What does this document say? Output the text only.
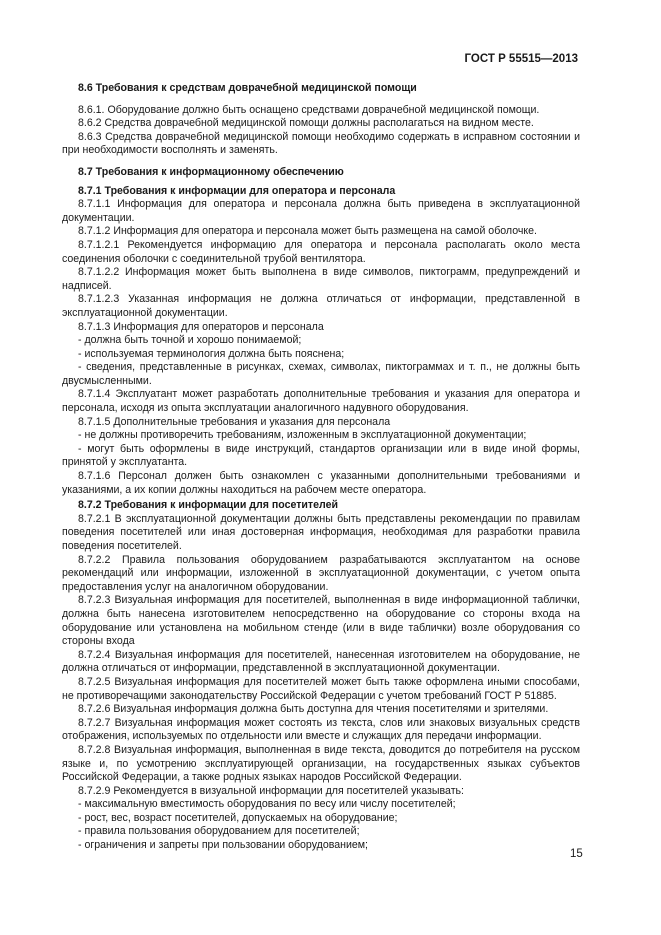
ГОСТ Р 55515—2013

8.6 Требования к средствам доврачебной медицинской помощи

8.6.1. Оборудование должно быть оснащено средствами доврачебной медицинской помощи.

8.6.2 Средства доврачебной медицинской помощи должны располагаться на видном месте.

8.6.3 Средства доврачебной медицинской помощи необходимо содержать в исправном состоянии и при необходимости восполнять и заменять.

8.7 Требования к информационному обеспечению

8.7.1 Требования к информации для оператора и персонала

8.7.1.1 Информация для оператора и персонала должна быть приведена в эксплуатационной документации.

8.7.1.2 Информация для оператора и персонала может быть размещена на самой оболочке.

8.7.1.2.1 Рекомендуется информацию для оператора и персонала располагать около места соединения оболочки с соединительной трубой вентилятора.

8.7.1.2.2 Информация может быть выполнена в виде символов, пиктограмм, предупреждений и надписей.

8.7.1.2.3 Указанная информация не должна отличаться от информации, представленной в эксплуатационной документации.

8.7.1.3 Информация для операторов и персонала

- должна быть точной и хорошо понимаемой;

- используемая терминология должна быть пояснена;

- сведения, представленные в рисунках, схемах, символах, пиктограммах и т. п., не должны быть двусмысленными.

8.7.1.4 Эксплуатант может разработать дополнительные требования и указания для оператора и персонала, исходя из опыта эксплуатации аналогичного надувного оборудования.

8.7.1.5 Дополнительные требования и указания для персонала

- не должны противоречить требованиям, изложенным в эксплуатационной документации;

- могут быть оформлены в виде инструкций, стандартов организации или в виде иной формы, принятой у эксплуатанта.

8.7.1.6 Персонал должен быть ознакомлен с указанными дополнительными требованиями и указаниями, а их копии должны находиться на рабочем месте оператора.

8.7.2 Требования к информации для посетителей

8.7.2.1 В эксплуатационной документации должны быть представлены рекомендации по правилам поведения посетителей или иная достоверная информация, необходимая для разработки правила поведения посетителей.

8.7.2.2 Правила пользования оборудованием разрабатываются эксплуатантом на основе рекомендаций или информации, изложенной в эксплуатационной документации, с учетом опыта предоставления услуг на аналогичном оборудовании.

8.7.2.3 Визуальная информация для посетителей, выполненная в виде информационной таблички, должна быть нанесена изготовителем непосредственно на оборудование со стороны входа на оборудование или установлена на мобильном стенде (или в виде таблички) возле оборудования со стороны входа

8.7.2.4 Визуальная информация для посетителей, нанесенная изготовителем на оборудование, не должна отличаться от информации, представленной в эксплуатационной документации.

8.7.2.5 Визуальная информация для посетителей может быть также оформлена иными способами, не противоречащими законодательству Российской Федерации с учетом требований ГОСТ Р 51885.

8.7.2.6 Визуальная информация должна быть доступна для чтения посетителями и зрителями.

8.7.2.7 Визуальная информация может состоять из текста, слов или знаковых визуальных средств отображения, используемых по отдельности или вместе и служащих для передачи информации.

8.7.2.8 Визуальная информация, выполненная в виде текста, доводится до потребителя на русском языке и, по усмотрению эксплуатирующей организации, на государственных языках субъектов Российской Федерации, а также родных языках народов Российской Федерации.

8.7.2.9 Рекомендуется в визуальной информации для посетителей указывать:

- максимальную вместимость оборудования по весу или числу посетителей;

- рост, вес, возраст посетителей, допускаемых на оборудование;

- правила пользования оборудованием для посетителей;

- ограничения и запреты при пользовании оборудованием;

15
